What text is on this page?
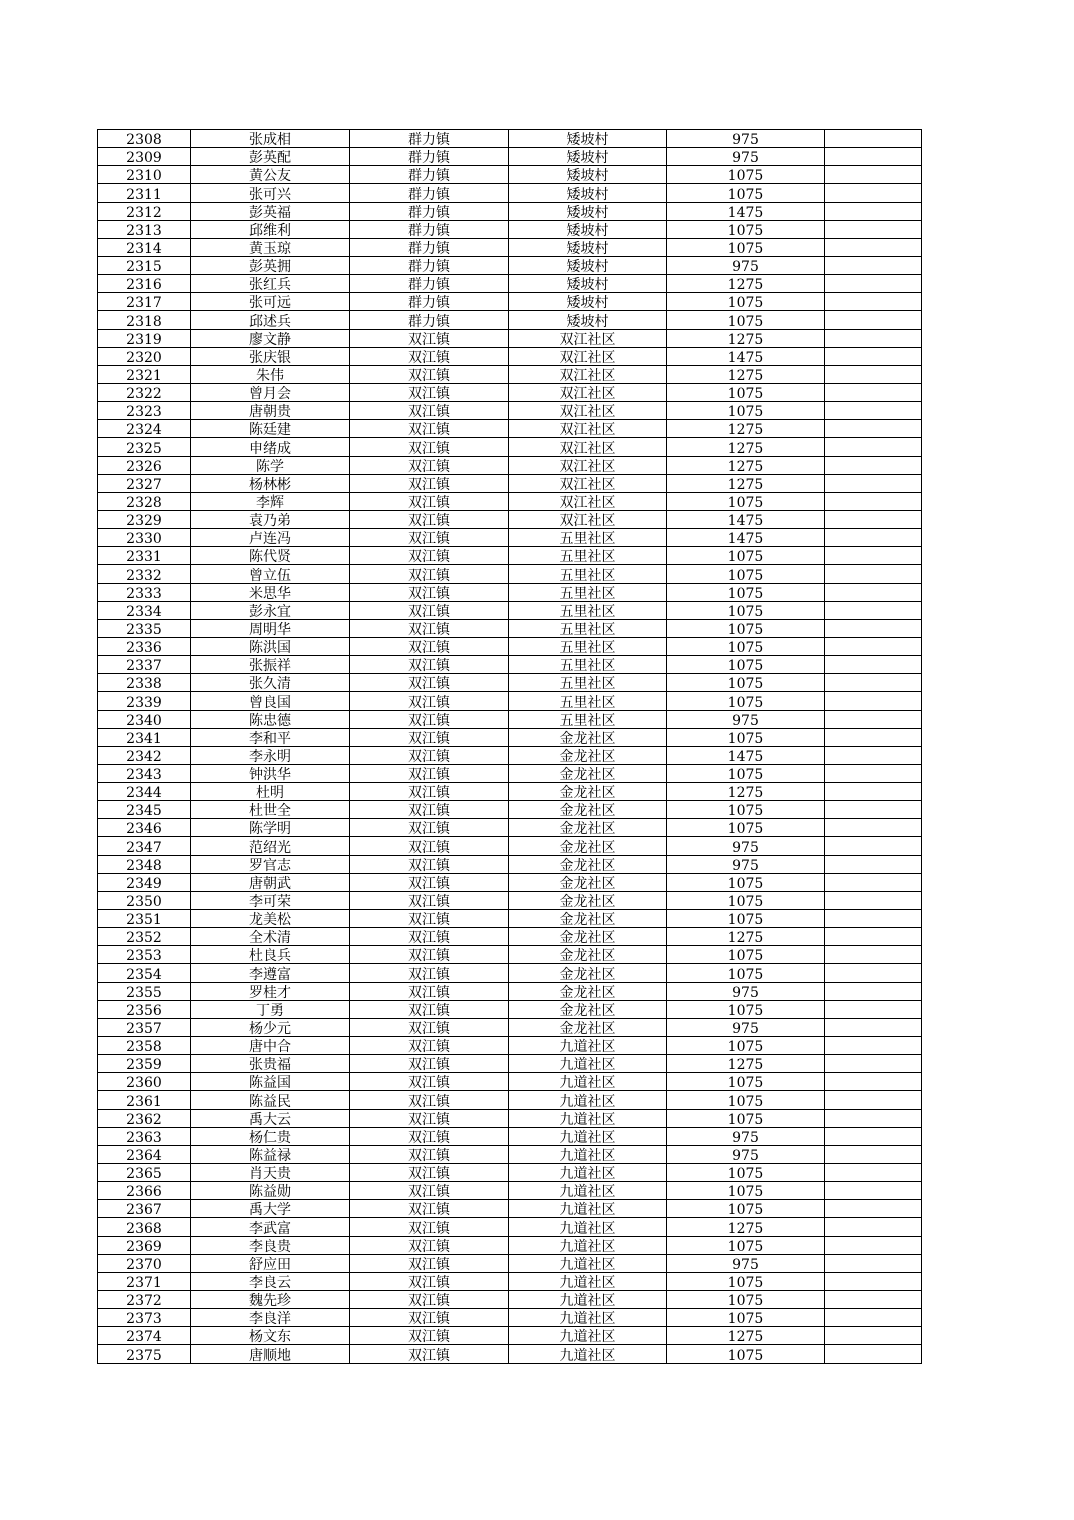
2308	张成相	群力镇	矮坡村	975	
2309	彭英配	群力镇	矮坡村	975	
2310	黄公友	群力镇	矮坡村	1075	
2311	张可兴	群力镇	矮坡村	1075	
2312	彭英福	群力镇	矮坡村	1475	
2313	邱维利	群力镇	矮坡村	1075	
2314	黄玉琼	群力镇	矮坡村	1075	
2315	彭英拥	群力镇	矮坡村	975	
2316	张红兵	群力镇	矮坡村	1275	
2317	张可远	群力镇	矮坡村	1075	
2318	邱述兵	群力镇	矮坡村	1075	
2319	廖文静	双江镇	双江社区	1275	
2320	张庆银	双江镇	双江社区	1475	
2321	朱伟	双江镇	双江社区	1275	
2322	曾月会	双江镇	双江社区	1075	
2323	唐朝贵	双江镇	双江社区	1075	
2324	陈廷建	双江镇	双江社区	1275	
2325	申绪成	双江镇	双江社区	1275	
2326	陈学	双江镇	双江社区	1275	
2327	杨林彬	双江镇	双江社区	1275	
2328	李辉	双江镇	双江社区	1075	
2329	袁乃弟	双江镇	双江社区	1475	
2330	卢连冯	双江镇	五里社区	1475	
2331	陈代贤	双江镇	五里社区	1075	
2332	曾立伍	双江镇	五里社区	1075	
2333	米思华	双江镇	五里社区	1075	
2334	彭永宜	双江镇	五里社区	1075	
2335	周明华	双江镇	五里社区	1075	
2336	陈洪国	双江镇	五里社区	1075	
2337	张振祥	双江镇	五里社区	1075	
2338	张久清	双江镇	五里社区	1075	
2339	曾良国	双江镇	五里社区	1075	
2340	陈忠德	双江镇	五里社区	975	
2341	李和平	双江镇	金龙社区	1075	
2342	李永明	双江镇	金龙社区	1475	
2343	钟洪华	双江镇	金龙社区	1075	
2344	杜明	双江镇	金龙社区	1275	
2345	杜世全	双江镇	金龙社区	1075	
2346	陈学明	双江镇	金龙社区	1075	
2347	范绍光	双江镇	金龙社区	975	
2348	罗官志	双江镇	金龙社区	975	
2349	唐朝武	双江镇	金龙社区	1075	
2350	李可荣	双江镇	金龙社区	1075	
2351	龙美松	双江镇	金龙社区	1075	
2352	全术清	双江镇	金龙社区	1275	
2353	杜良兵	双江镇	金龙社区	1075	
2354	李遵富	双江镇	金龙社区	1075	
2355	罗桂才	双江镇	金龙社区	975	
2356	丁勇	双江镇	金龙社区	1075	
2357	杨少元	双江镇	金龙社区	975	
2358	唐中合	双江镇	九道社区	1075	
2359	张贵福	双江镇	九道社区	1275	
2360	陈益国	双江镇	九道社区	1075	
2361	陈益民	双江镇	九道社区	1075	
2362	禹大云	双江镇	九道社区	1075	
2363	杨仁贵	双江镇	九道社区	975	
2364	陈益禄	双江镇	九道社区	975	
2365	肖天贵	双江镇	九道社区	1075	
2366	陈益勋	双江镇	九道社区	1075	
2367	禹大学	双江镇	九道社区	1075	
2368	李武富	双江镇	九道社区	1275	
2369	李良贵	双江镇	九道社区	1075	
2370	舒应田	双江镇	九道社区	975	
2371	李良云	双江镇	九道社区	1075	
2372	魏先珍	双江镇	九道社区	1075	
2373	李良洋	双江镇	九道社区	1075	
2374	杨文东	双江镇	九道社区	1275	
2375	唐顺地	双江镇	九道社区	1075	
